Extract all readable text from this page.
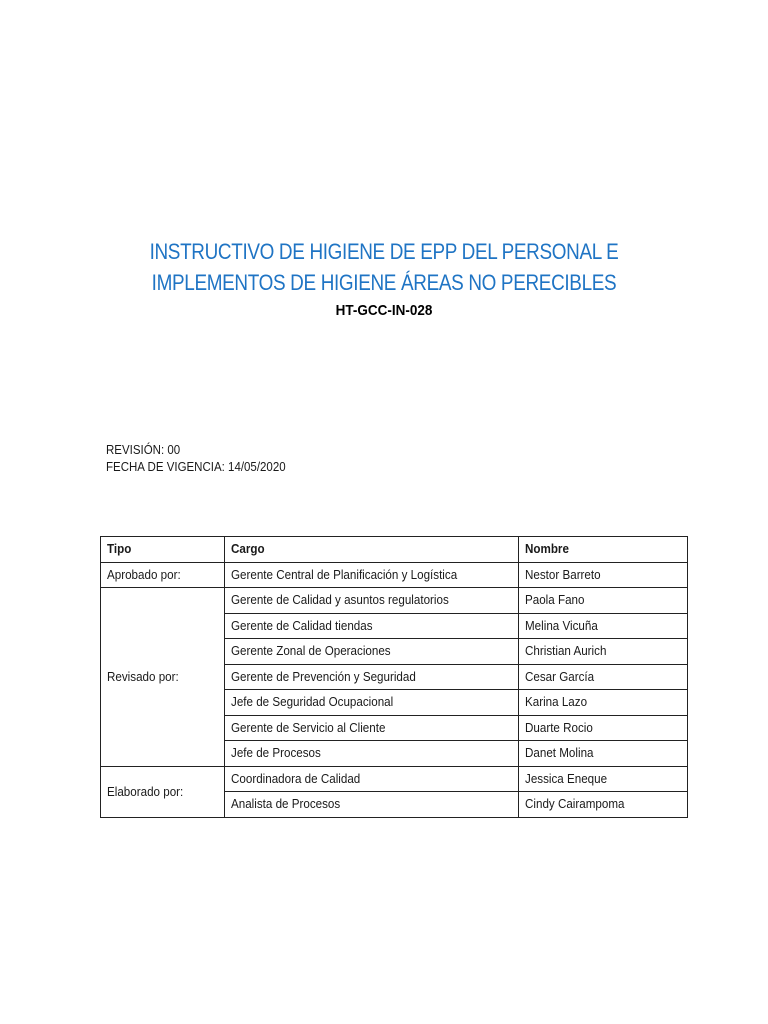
INSTRUCTIVO DE HIGIENE DE EPP DEL PERSONAL E
IMPLEMENTOS DE HIGIENE ÁREAS NO PERECIBLES
HT-GCC-IN-028
REVISIÓN: 00
FECHA DE VIGENCIA: 14/05/2020
Tipo	Cargo	Nombre
Aprobado por:	Gerente Central de Planificación y Logística	Nestor Barreto
Revisado por:	Gerente de Calidad y asuntos regulatorios	Paola Fano
	Gerente de Calidad tiendas	Melina Vicuña
	Gerente Zonal de Operaciones	Christian Aurich
	Gerente de Prevención y Seguridad	Cesar García
	Jefe de Seguridad Ocupacional	Karina Lazo
	Gerente de Servicio al Cliente	Duarte Rocio
	Jefe de Procesos	Danet Molina
Elaborado por:	Coordinadora de Calidad	Jessica Eneque
	Analista de Procesos	Cindy Cairampoma
